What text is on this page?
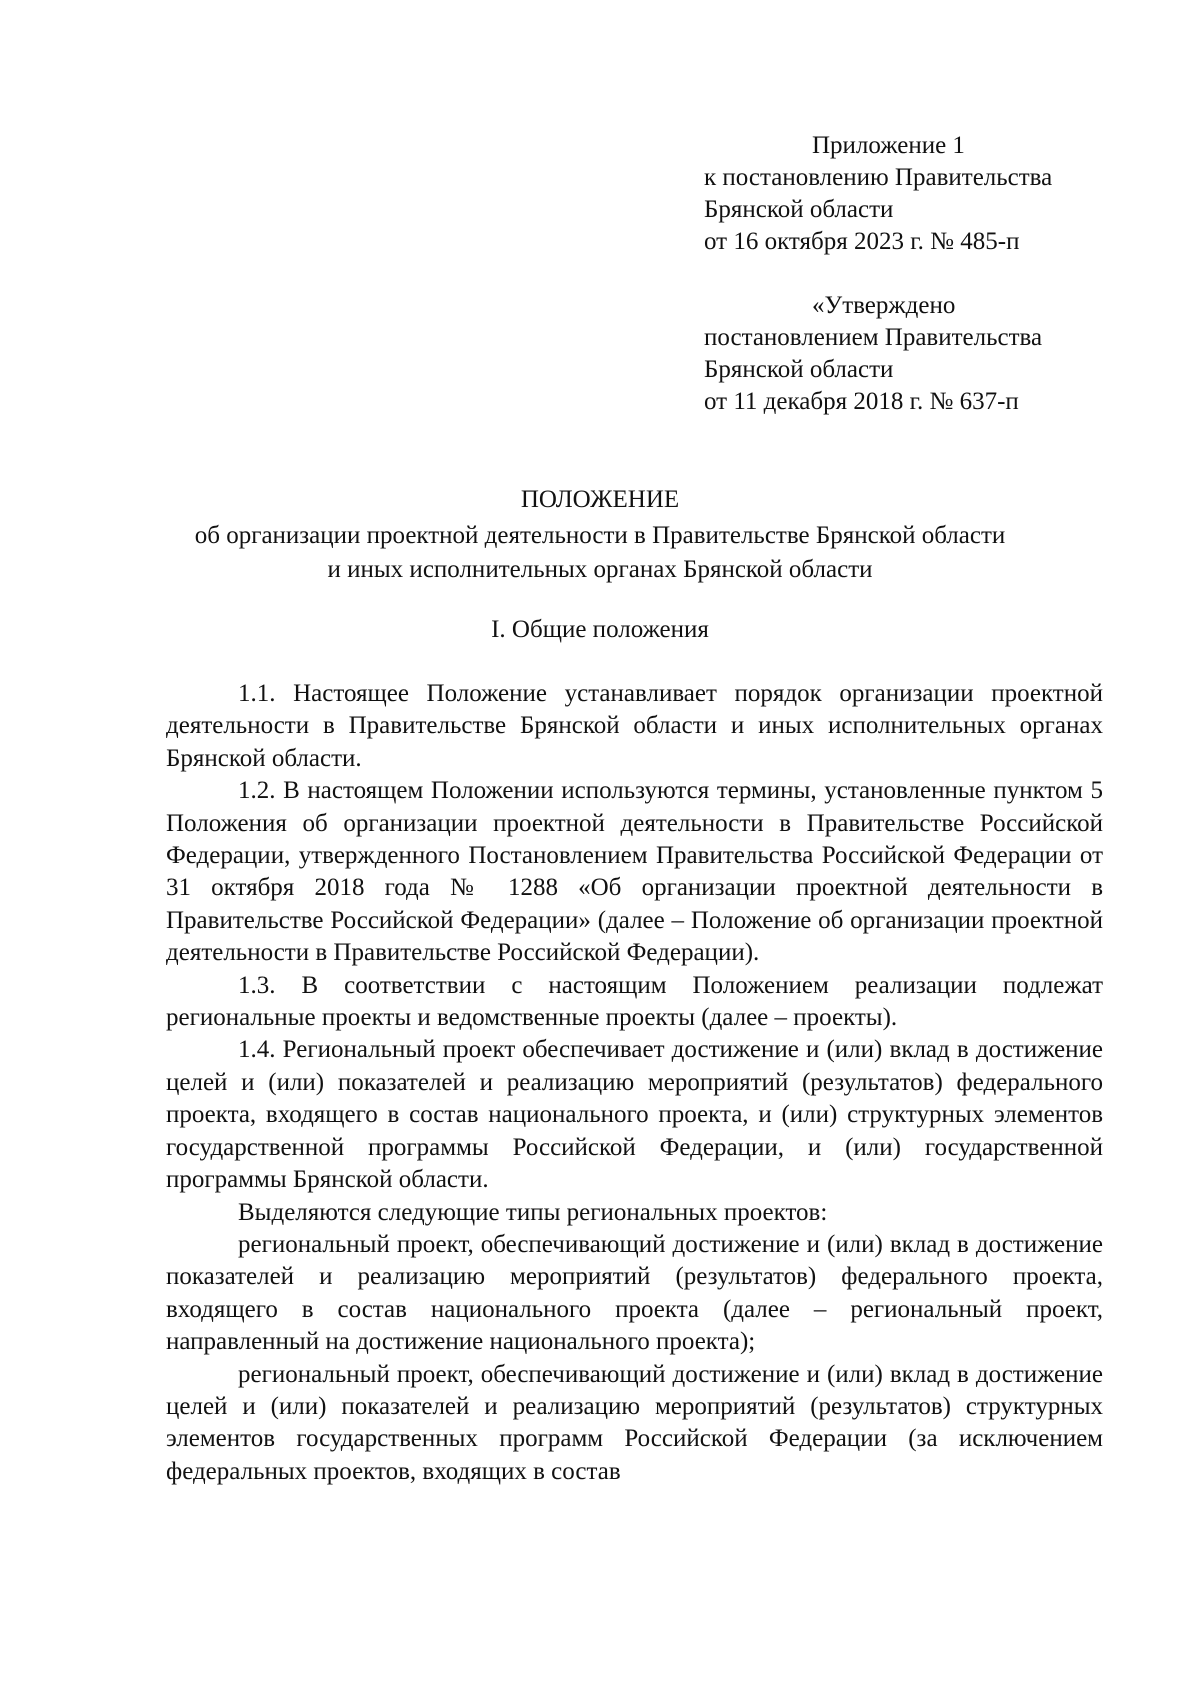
Приложение 1
к постановлению Правительства
Брянской области
от 16 октября 2023 г. № 485-п
«Утверждено
постановлением Правительства
Брянской области
от 11 декабря 2018 г. № 637-п
ПОЛОЖЕНИЕ
об организации проектной деятельности в Правительстве Брянской области
и иных исполнительных органах Брянской области
I. Общие положения

1.1. Настоящее Положение устанавливает порядок организации проектной деятельности в Правительстве Брянской области и иных исполнительных органах Брянской области.

1.2. В настоящем Положении используются термины, установленные пунктом 5 Положения об организации проектной деятельности в Правительстве Российской Федерации, утвержденного Постановлением Правительства Российской Федерации от 31 октября 2018 года № 1288 «Об организации проектной деятельности в Правительстве Российской Федерации» (далее – Положение об организации проектной деятельности в Правительстве Российской Федерации).

1.3. В соответствии с настоящим Положением реализации подлежат региональные проекты и ведомственные проекты (далее – проекты).

1.4. Региональный проект обеспечивает достижение и (или) вклад в достижение целей и (или) показателей и реализацию мероприятий (результатов) федерального проекта, входящего в состав национального проекта, и (или) структурных элементов государственной программы Российской Федерации, и (или) государственной программы Брянской области.

Выделяются следующие типы региональных проектов:

региональный проект, обеспечивающий достижение и (или) вклад в достижение показателей и реализацию мероприятий (результатов) федерального проекта, входящего в состав национального проекта (далее – региональный проект, направленный на достижение национального проекта);

региональный проект, обеспечивающий достижение и (или) вклад в достижение целей и (или) показателей и реализацию мероприятий (результатов) структурных элементов государственных программ Российской Федерации (за исключением федеральных проектов, входящих в состав
